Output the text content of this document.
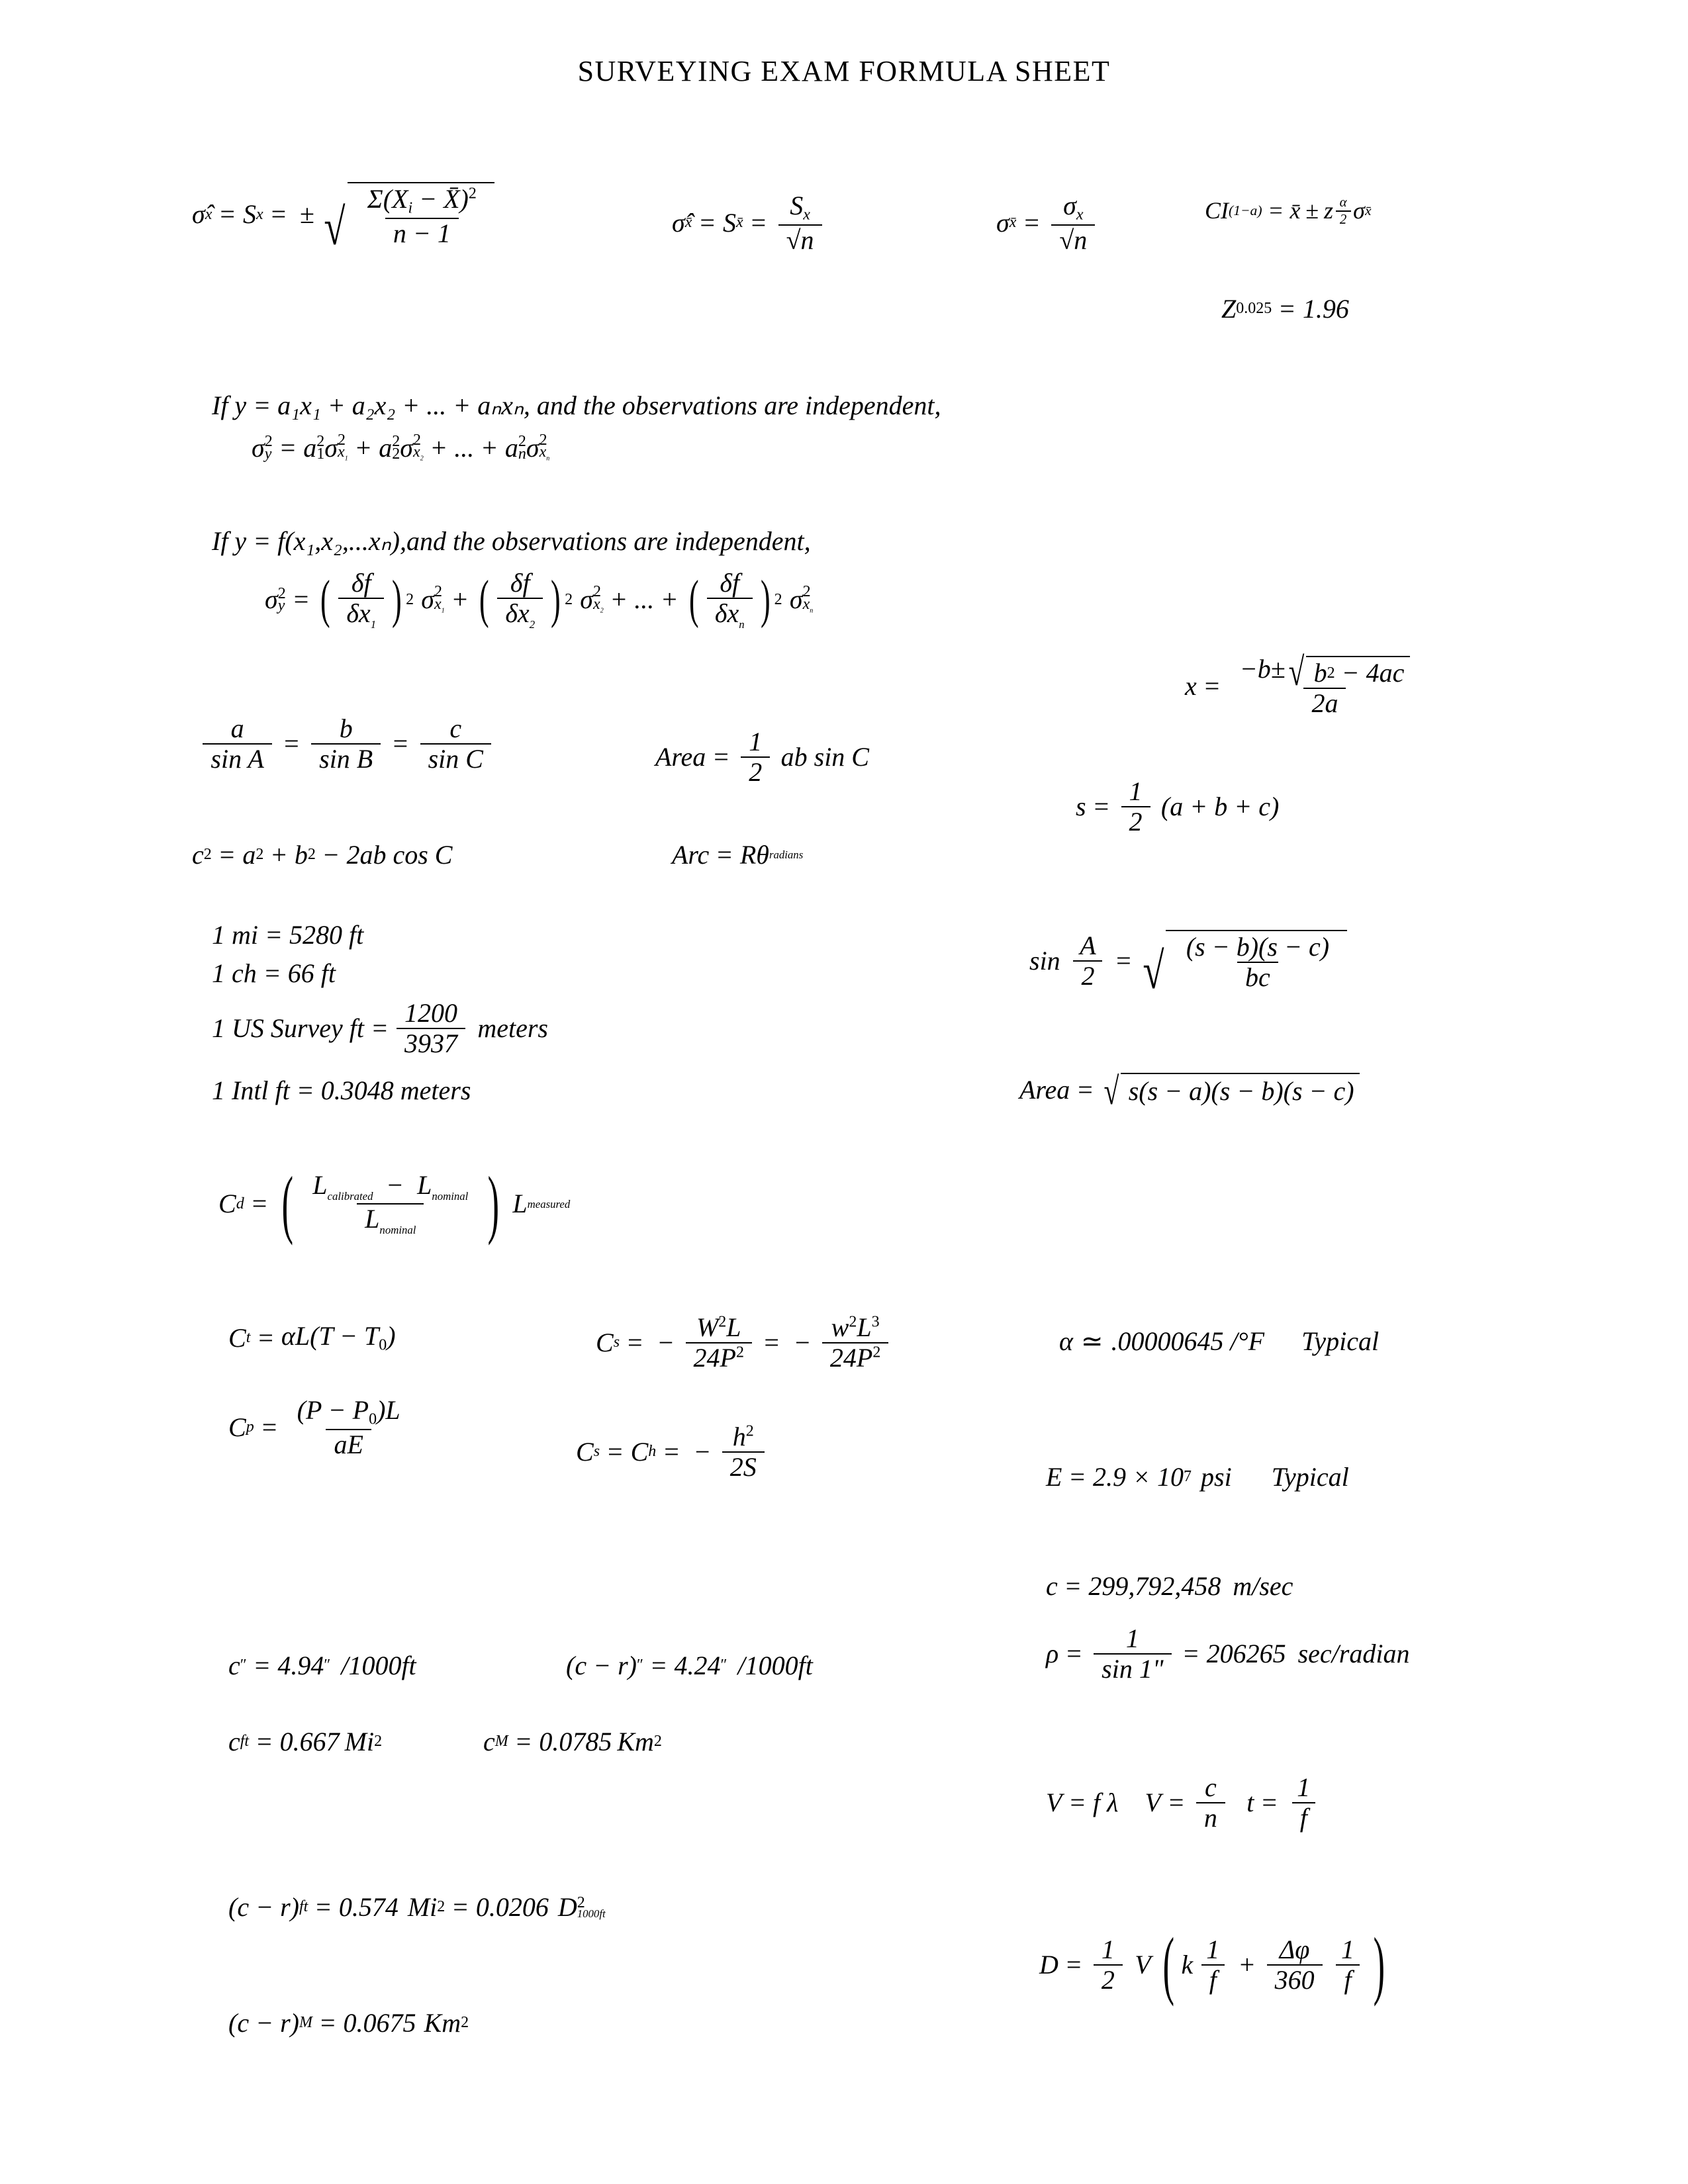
SURVEYING EXAM FORMULA SHEET
σ̂ x = S x = ± √ $\frac{\Sigma(X_i - X̄)^2}{n - 1}$	σ̂ x̄ = S x̄ = $\frac{S_x}{√n}$	σ x̄ = $\frac{\sigma_x}{√n}$	CI (1−a) = x̄ ± z $\frac{\alpha}{2}$ σ x̄
Z 0.025 = 1.96
If y = a₁x₁ + a₂x₂ + ... + aₙxₙ, and the observations are independent,
σ 2
y = a 2
1 σ 2
$x_1 + a$ 2
2 σ 2
$x_2$ + ... + a 2
n σ 2
$x_n$
If y = f(x₁,x₂,...xₙ),and the observations are independent,
σ 2
y = ( $\frac{\delta f}{\delta x_1}$ ) 2 σ 2
$x_1$ + ( $\frac{\delta f}{\delta x_2}$ ) 2 σ 2
$x_2$ + ... + ( $\frac{\delta f}{\delta x_n}$ ) 2 σ 2
$x_n$
$x = \frac{-b\pm √ b 2 - 4ac}{2a}$
$\frac{a}{\text{sin A}} = \frac{b}{\text{sin B}} = \frac{c}{\text{sin C}}$	Area = $\frac{1}{2}$ ab sin C
$s = \frac{1}{2} (a + b + c)$
c 2 = a 2 + b 2 − 2ab cos C	Arc = R θ radians
1 mi = 5280 ft
1 ch = 66 ft
1 US Survey ft = $\frac{1200}{3937}$ meters
1 Intl ft = 0.3048 meters
$\sin \frac{A}{2}$ = √ $\frac{(s - b)(s - c)}{bc}$
Area = √ s(s − a)(s − b)(s − c)
C d = ( $\frac{L_{calibrated} - L_{nominal}}{L_{nominal}}$ ) L measured
C t = αL(T − T0)	C s = − $\frac{W^2L}{24P^2}$ = − $\frac{w^2L^3}{24P^2}$	α ≃ .00000645 /°F Typical
C $p = \frac{(P - P0)L}{aE}$	C s = C h = − $\frac{h^2}{2S}$	E = 2.9 × 10 7 psi Typical
c = 299,792,458 m/sec
c ″ = 4.94 ″ /1000ft	(c − r) ″ = 4.24 ″ /1000ft	$\rho = \frac{1}{\sin 1"} = 206265$ sec/radian
c ft = 0.667 Mi 2	c M = 0.0785 Km 2
V = f λ $V = \frac{c}{n}$ $t = \frac{1}{f}$
(c − r) ft = 0.574 Mi 2 = 0.0206 D 2
1000ft
$D = \frac{1}{2}$ V ( k $\frac{1}{f} + \frac{\Delta\varphi}{360} \frac{1}{f}$ )
(c − r) M = 0.0675 Km 2
